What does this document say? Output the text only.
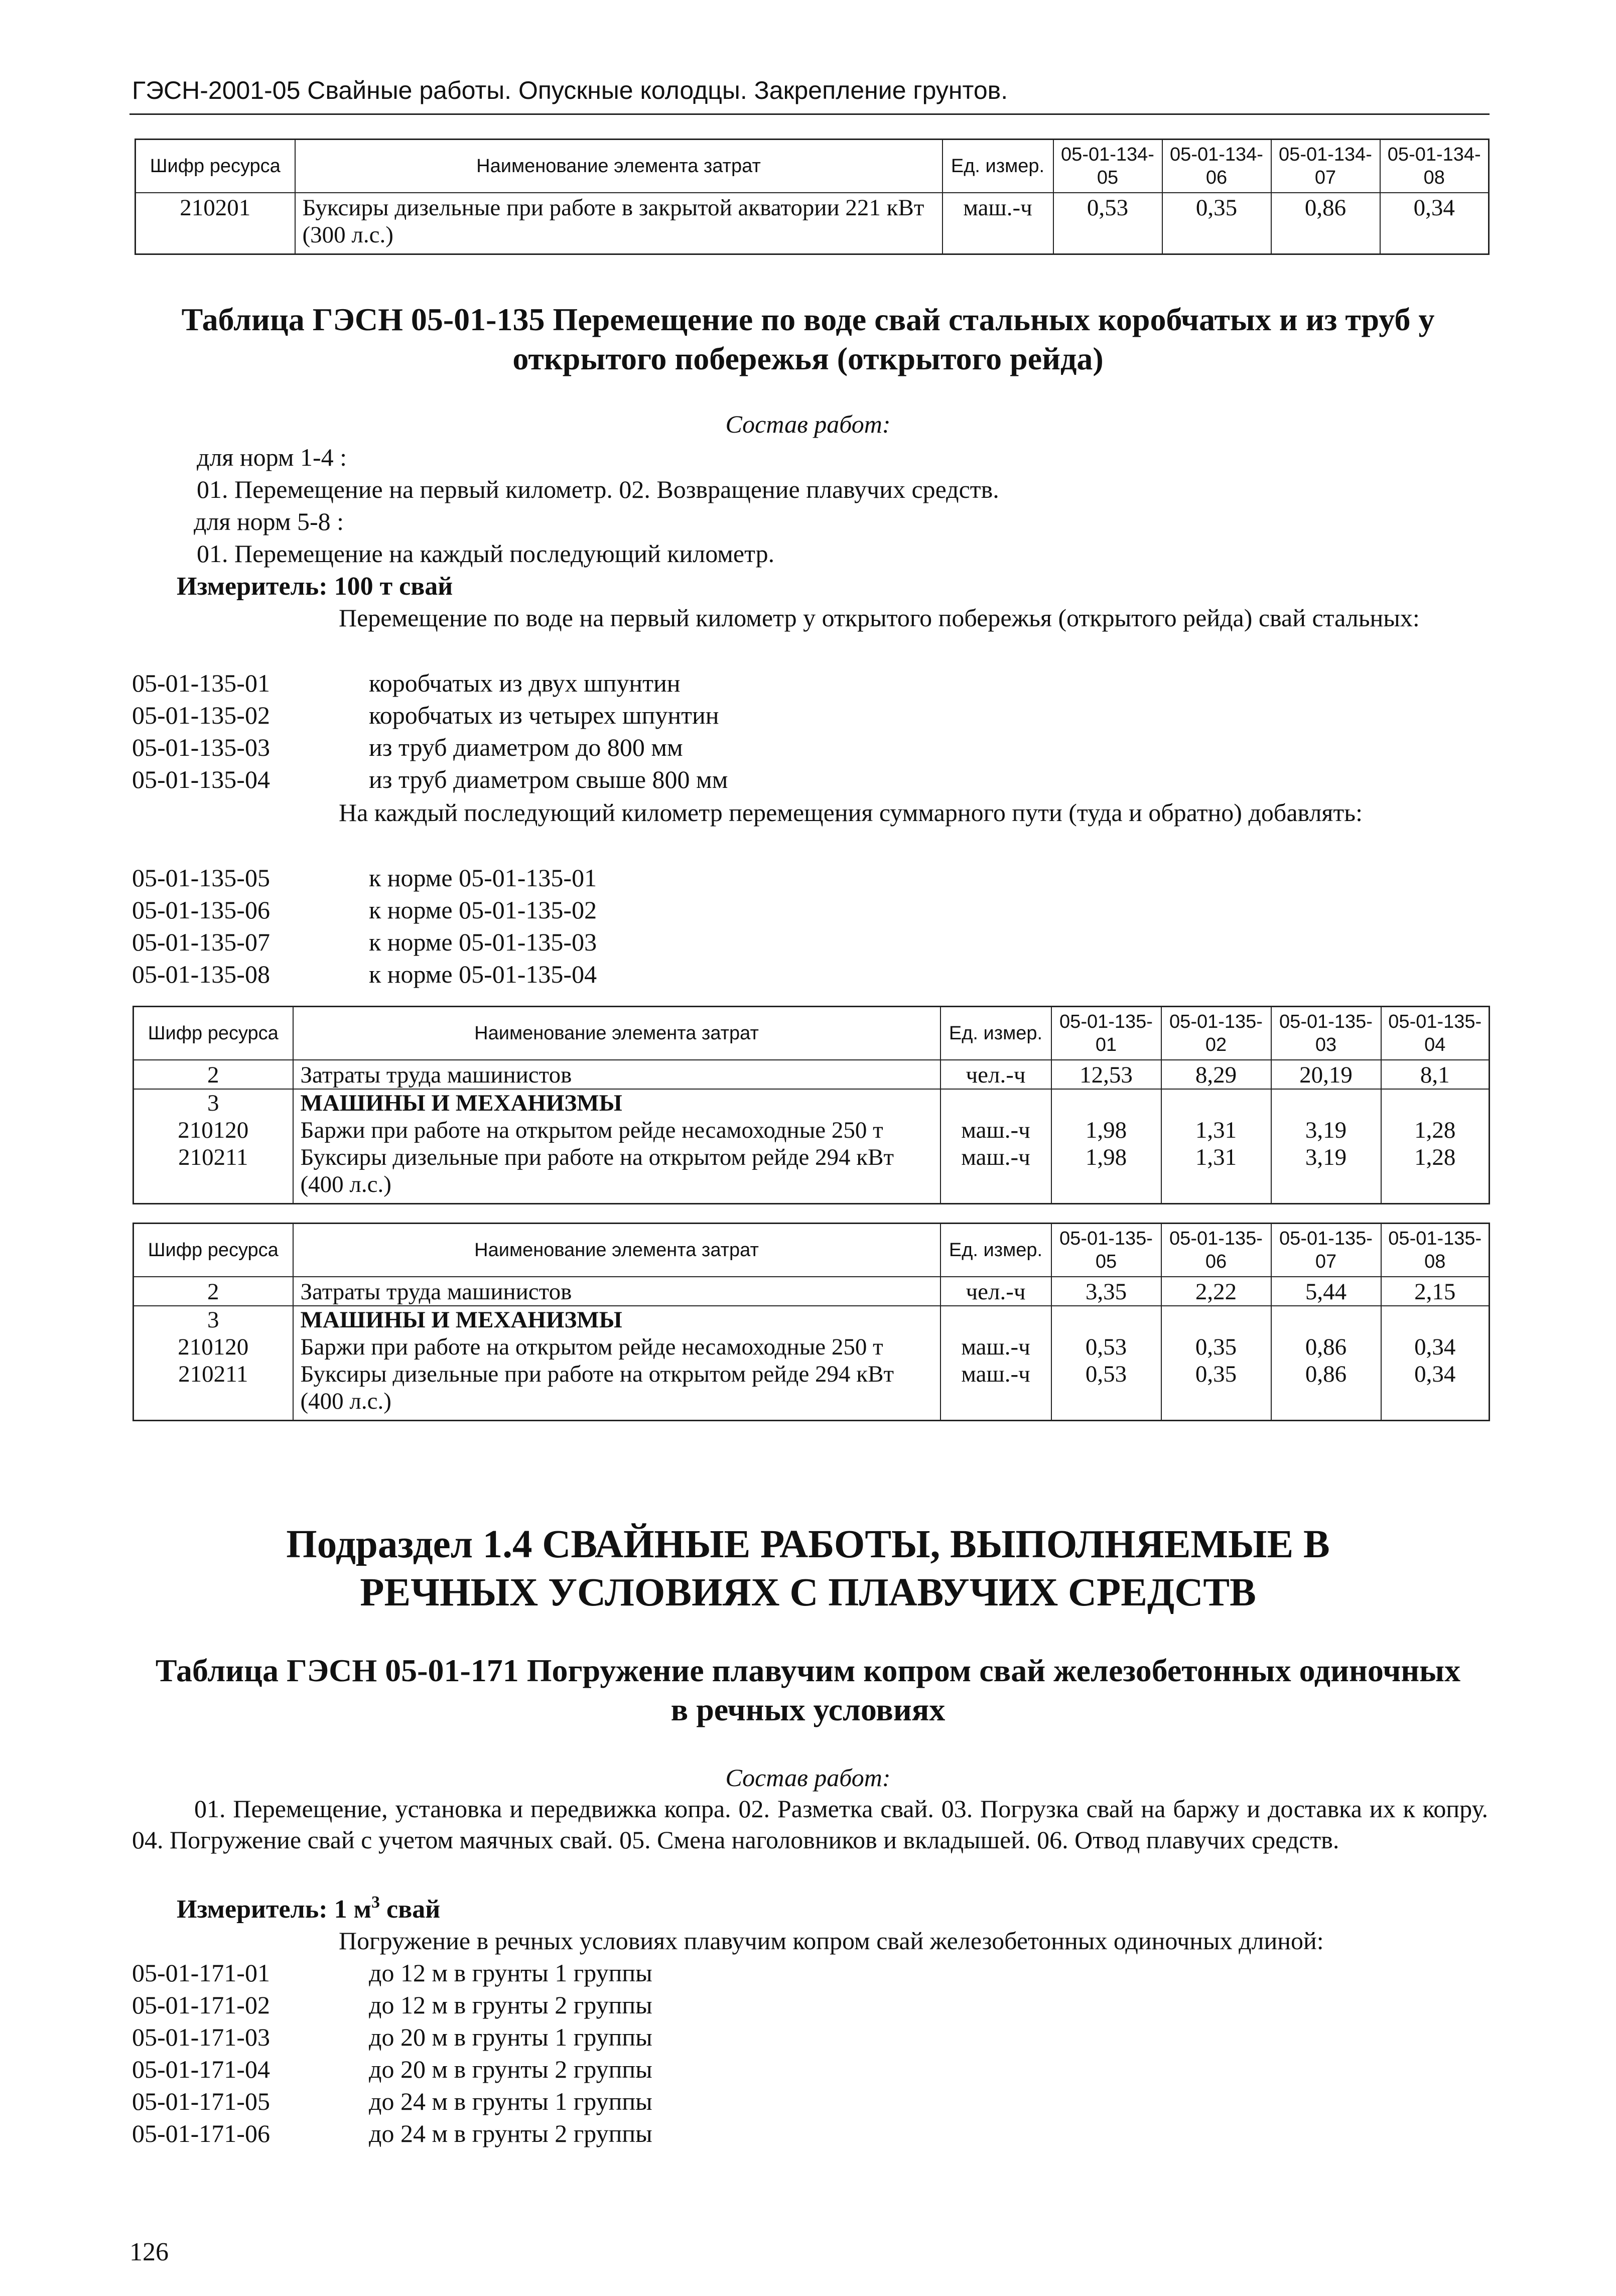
ГЭСН-2001-05 Свайные работы. Опускные колодцы. Закрепление грунтов.
Шифр ресурса	Наименование элемента затрат	Ед. измер.	05-01-134-05	05-01-134-06	05-01-134-07	05-01-134-08
210201	Буксиры дизельные при работе в закрытой акватории 221 кВт (300 л.с.)	маш.-ч	0,53	0,35	0,86	0,34
Таблица ГЭСН 05-01-135 Перемещение по воде свай стальных коробчатых и из труб у открытого побережья (открытого рейда)
Состав работ:
для норм 1-4 :
01. Перемещение на первый километр. 02. Возвращение плавучих средств.
для норм 5-8 :
01. Перемещение на каждый последующий километр.
Измеритель: 100 т свай
Перемещение по воде на первый километр у открытого побережья (открытого рейда) свай стальных:
05-01-135-01	коробчатых из двух шпунтин
05-01-135-02	коробчатых из четырех шпунтин
05-01-135-03	из труб диаметром до 800 мм
05-01-135-04	из труб диаметром свыше 800 мм
На каждый последующий километр перемещения суммарного пути (туда и обратно) добавлять:
05-01-135-05	к норме 05-01-135-01
05-01-135-06	к норме 05-01-135-02
05-01-135-07	к норме 05-01-135-03
05-01-135-08	к норме 05-01-135-04
Шифр ресурса	Наименование элемента затрат	Ед. измер.	05-01-135-01	05-01-135-02	05-01-135-03	05-01-135-04
2	Затраты труда машинистов	чел.-ч	12,53	8,29	20,19	8,1
3	МАШИНЫ И МЕХАНИЗМЫ					
210120	Баржи при работе на открытом рейде несамоходные 250 т	маш.-ч	1,98	1,31	3,19	1,28
210211	Буксиры дизельные при работе на открытом рейде 294 кВт (400 л.с.)	маш.-ч	1,98	1,31	3,19	1,28
Шифр ресурса	Наименование элемента затрат	Ед. измер.	05-01-135-05	05-01-135-06	05-01-135-07	05-01-135-08
2	Затраты труда машинистов	чел.-ч	3,35	2,22	5,44	2,15
3	МАШИНЫ И МЕХАНИЗМЫ					
210120	Баржи при работе на открытом рейде несамоходные 250 т	маш.-ч	0,53	0,35	0,86	0,34
210211	Буксиры дизельные при работе на открытом рейде 294 кВт (400 л.с.)	маш.-ч	0,53	0,35	0,86	0,34
Подраздел 1.4 СВАЙНЫЕ РАБОТЫ, ВЫПОЛНЯЕМЫЕ В РЕЧНЫХ УСЛОВИЯХ С ПЛАВУЧИХ СРЕДСТВ
Таблица ГЭСН 05-01-171 Погружение плавучим копром свай железобетонных одиночных в речных условиях
Состав работ:
01. Перемещение, установка и передвижка копра. 02. Разметка свай. 03. Погрузка свай на баржу и доставка их к копру. 04. Погружение свай с учетом маячных свай. 05. Смена наголовников и вкладышей. 06. Отвод плавучих средств.
Измеритель: 1 $м^3$ свай
Погружение в речных условиях плавучим копром свай железобетонных одиночных длиной:
05-01-171-01	до 12 м в грунты 1 группы
05-01-171-02	до 12 м в грунты 2 группы
05-01-171-03	до 20 м в грунты 1 группы
05-01-171-04	до 20 м в грунты 2 группы
05-01-171-05	до 24 м в грунты 1 группы
05-01-171-06	до 24 м в грунты 2 группы
126
